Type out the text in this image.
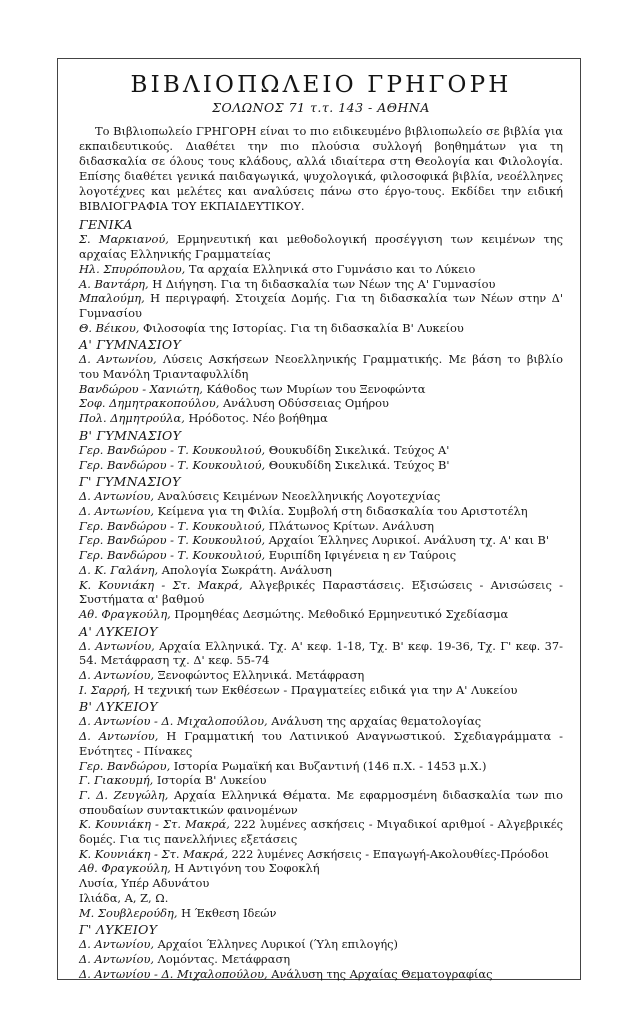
ΒΙΒΛΙΟΠΩΛΕΙΟ ΓΡΗΓΟΡΗ
ΣΟΛΩΝΟΣ 71 τ.τ. 143 - ΑΘΗΝΑ

Το Βιβλιοπωλείο ΓΡΗΓΟΡΗ είναι το πιο ειδικευμένο βιβλιοπωλείο σε βιβλία για εκπαιδευτικούς. Διαθέτει την πιο πλούσια συλλογή βοηθημάτων για τη διδασκαλία σε όλους τους κλάδους, αλλά ιδιαίτερα στη Θεολογία και Φιλολογία. Επίσης διαθέτει γενικά παιδαγωγικά, ψυχολογικά, φιλοσοφικά βιβλία, νεοέλληνες λογοτέχνες και μελέτες και αναλύσεις πάνω στο έργο-τους. Εκδίδει την ειδική ΒΙΒΛΙΟΓΡΑΦΙΑ ΤΟΥ ΕΚΠΑΙΔΕΥΤΙΚΟΥ.

ΓΕΝΙΚΑ
Σ. Μαρκιανού, Ερμηνευτική και μεθοδολογική προσέγγιση των κειμένων της αρχαίας Ελληνικής Γραμματείας
Ηλ. Σπυρόπουλου, Τα αρχαία Ελληνικά στο Γυμνάσιο και το Λύκειο
Α. Βαντάρη, Η Διήγηση. Για τη διδασκαλία των Νέων της Α' Γυμνασίου
Μπαλούμη, Η περιγραφή. Στοιχεία Δομής. Για τη διδασκαλία των Νέων στην Δ' Γυμνασίου
Θ. Βέικου, Φιλοσοφία της Ιστορίας. Για τη διδασκαλία Β' Λυκείου
Α' ΓΥΜΝΑΣΙΟΥ
Δ. Αντωνίου, Λύσεις Ασκήσεων Νεοελληνικής Γραμματικής. Με βάση το βιβλίο του Μανόλη Τριανταφυλλίδη
Βανδώρου - Χανιώτη, Κάθοδος των Μυρίων του Ξενοφώντα
Σοφ. Δημητρακοπούλου, Ανάλυση Οδύσσειας Ομήρου
Πολ. Δημητρούλα, Ηρόδοτος. Νέο βοήθημα
Β' ΓΥΜΝΑΣΙΟΥ
Γερ. Βανδώρου - Τ. Κουκουλιού, Θουκυδίδη Σικελικά. Τεύχος Α'
Γερ. Βανδώρου - Τ. Κουκουλιού, Θουκυδίδη Σικελικά. Τεύχος Β'
Γ' ΓΥΜΝΑΣΙΟΥ
Δ. Αντωνίου, Αναλύσεις Κειμένων Νεοελληνικής Λογοτεχνίας
Δ. Αντωνίου, Κείμενα για τη Φιλία. Συμβολή στη διδασκαλία του Αριστοτέλη
Γερ. Βανδώρου - Τ. Κουκουλιού, Πλάτωνος Κρίτων. Ανάλυση
Γερ. Βανδώρου - Τ. Κουκουλιού, Αρχαίοι Έλληνες Λυρικοί. Ανάλυση τχ. Α' και Β'
Γερ. Βανδώρου - Τ. Κουκουλιού, Ευριπίδη Ιφιγένεια η εν Ταύροις
Δ. Κ. Γαλάνη, Απολογία Σωκράτη. Ανάλυση
Κ. Κουνιάκη - Στ. Μακρά, Αλγεβρικές Παραστάσεις. Εξισώσεις - Ανισώσεις - Συστήματα α' βαθμού
Αθ. Φραγκούλη, Προμηθέας Δεσμώτης. Μεθοδικό Ερμηνευτικό Σχεδίασμα
Α' ΛΥΚΕΙΟΥ
Δ. Αντωνίου, Αρχαία Ελληνικά. Τχ. Α' κεφ. 1-18, Τχ. Β' κεφ. 19-36, Τχ. Γ' κεφ. 37-54. Μετάφραση τχ. Δ' κεφ. 55-74
Δ. Αντωνίου, Ξενοφώντος Ελληνικά. Μετάφραση
Ι. Σαρρή, Η τεχνική των Εκθέσεων - Πραγματείες ειδικά για την Α' Λυκείου
Β' ΛΥΚΕΙΟΥ
Δ. Αντωνίου - Δ. Μιχαλοπούλου, Ανάλυση της αρχαίας θεματολογίας
Δ. Αντωνίου, Η Γραμματική του Λατινικού Αναγνωστικού. Σχεδιαγράμματα - Ενότητες - Πίνακες
Γερ. Βανδώρου, Ιστορία Ρωμαϊκή και Βυζαντινή (146 π.Χ. - 1453 μ.Χ.)
Γ. Γιακουμή, Ιστορία Β' Λυκείου
Γ. Δ. Ζευγώλη, Αρχαία Ελληνικά Θέματα. Με εφαρμοσμένη διδασκαλία των πιο σπουδαίων συντακτικών φαινομένων
Κ. Κουνιάκη - Στ. Μακρά, 222 λυμένες ασκήσεις - Μιγαδικοί αριθμοί - Αλγεβρικές δομές. Για τις πανελλήνιες εξετάσεις
Κ. Κουνιάκη - Στ. Μακρά, 222 λυμένες Ασκήσεις - Επαγωγή-Ακολουθίες-Πρόοδοι
Αθ. Φραγκούλη, Η Αντιγόνη του Σοφοκλή
Λυσία, Υπέρ Αδυνάτου
Ιλιάδα, Α, Ζ, Ω.
Μ. Σουβλερούδη, Η Έκθεση Ιδεών
Γ' ΛΥΚΕΙΟΥ
Δ. Αντωνίου, Αρχαίοι Έλληνες Λυρικοί (Ύλη επιλογής)
Δ. Αντωνίου, Λομόντας. Μετάφραση
Δ. Αντωνίου - Δ. Μιχαλοπούλου, Ανάλυση της Αρχαίας Θεματογραφίας
